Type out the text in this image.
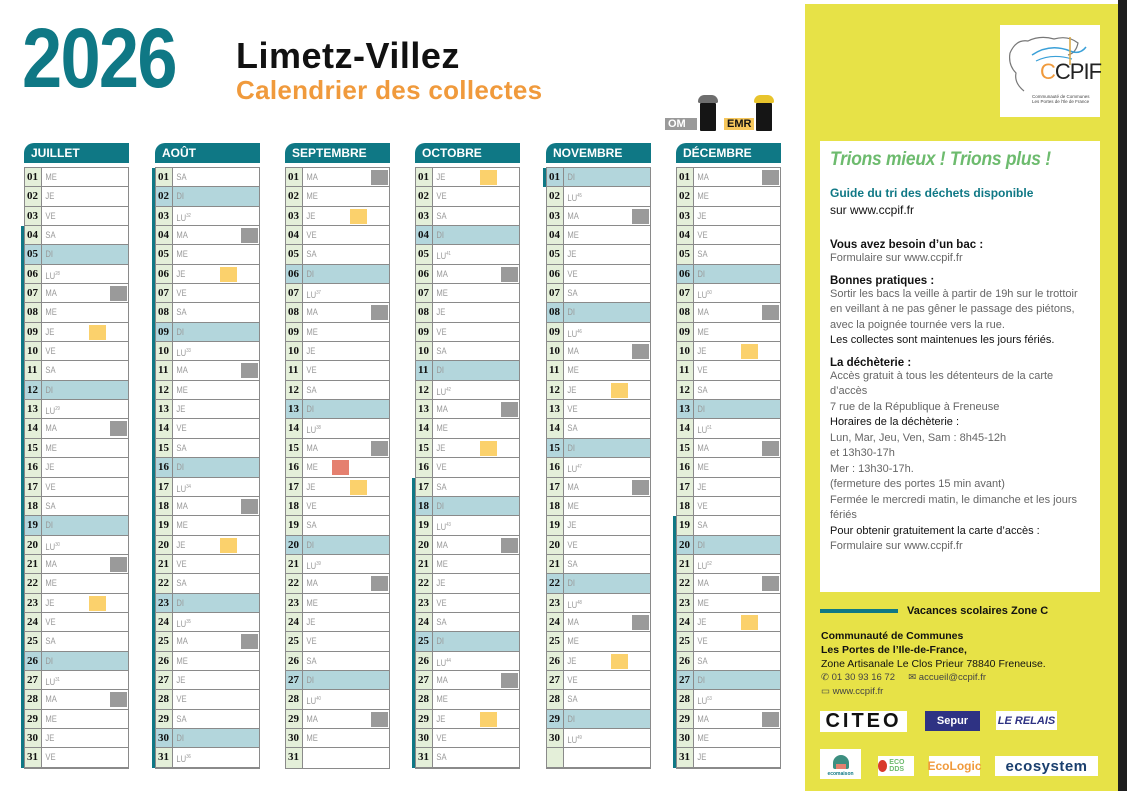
2026 Limetz-Villez
Calendrier des collectes
OM	EMR
JUILLET
01 ME
02 JE
03 VE
04 SA
05 DI
06 LU$^{28}$
07 MA
08 ME
09 JE
10 VE
11 SA
12 DI
13 LU$^{29}$
14 MA
15 ME
16 JE
17 VE
18 SA
19 DI
20 LU$^{30}$
21 MA
22 ME
23 JE
24 VE
25 SA
26 DI
27 LU$^{31}$
28 MA
29 ME
30 JE
31 VE
AOÛT
01 SA
02 DI
03 LU$^{32}$
04 MA
05 ME
06 JE
07 VE
08 SA
09 DI
10 LU$^{33}$
11 MA
12 ME
13 JE
14 VE
15 SA
16 DI
17 LU$^{34}$
18 MA
19 ME
20 JE
21 VE
22 SA
23 DI
24 LU$^{35}$
25 MA
26 ME
27 JE
28 VE
29 SA
30 DI
31 LU$^{36}$
SEPTEMBRE
01 MA
02 ME
03 JE
04 VE
05 SA
06 DI
07 LU$^{37}$
08 MA
09 ME
10 JE
11 VE
12 SA
13 DI
14 LU$^{38}$
15 MA
16 ME
17 JE
18 VE
19 SA
20 DI
21 LU$^{39}$
22 MA
23 ME
24 JE
25 VE
26 SA
27 DI
28 LU$^{40}$
29 MA
30 ME
31
OCTOBRE
01 JE
02 VE
03 SA
04 DI
05 LU$^{41}$
06 MA
07 ME
08 JE
09 VE
10 SA
11 DI
12 LU$^{42}$
13 MA
14 ME
15 JE
16 VE
17 SA
18 DI
19 LU$^{43}$
20 MA
21 ME
22 JE
23 VE
24 SA
25 DI
26 LU$^{44}$
27 MA
28 ME
29 JE
30 VE
31 SA
NOVEMBRE
01 DI
02 LU$^{45}$
03 MA
04 ME
05 JE
06 VE
07 SA
08 DI
09 LU$^{46}$
10 MA
11 ME
12 JE
13 VE
14 SA
15 DI
16 LU$^{47}$
17 MA
18 ME
19 JE
20 VE
21 SA
22 DI
23 LU$^{48}$
24 MA
25 ME
26 JE
27 VE
28 SA
29 DI
30 LU$^{49}$
DÉCEMBRE
01 MA
02 ME
03 JE
04 VE
05 SA
06 DI
07 LU$^{50}$
08 MA
09 ME
10 JE
11 VE
12 SA
13 DI
14 LU$^{51}$
15 MA
16 ME
17 JE
18 VE
19 SA
20 DI
21 LU$^{52}$
22 MA
23 ME
24 JE
25 VE
26 SA
27 DI
28 LU$^{53}$
29 MA
30 ME
31 JE
CCPIF
Communauté de Communes
Les Portes de l'Ile de France
Trions mieux ! Trions plus !
Guide du tri des déchets disponible
sur www.ccpif.fr
Vous avez besoin d’un bac :
Formulaire sur www.ccpif.fr
Bonnes pratiques :
Sortir les bacs la veille à partir de 19h sur le trottoir en veillant à ne pas gêner le passage des piétons, avec la poignée tournée vers la rue.
Les collectes sont maintenues les jours fériés.
La déchèterie :
Accès gratuit à tous les détenteurs de la carte d’accès
7 rue de la République à Freneuse
Horaires de la déchèterie :
Lun, Mar, Jeu, Ven, Sam : 8h45-12h
et 13h30-17h
Mer : 13h30-17h.
(fermeture des portes 15 min avant)
Fermée le mercredi matin, le dimanche et les jours fériés
Pour obtenir gratuitement la carte d’accès :
Formulaire sur www.ccpif.fr
Vacances scolaires Zone C
Communauté de Communes
Les Portes de l’Ile-de-France,
Zone Artisanale Le Clos Prieur 78840 Freneuse.
✆ 01 30 93 16 72 ✉ accueil@ccpif.fr
▭ www.ccpif.fr
CITEO	Sepur	LE RELAIS
ecomaison
ECO DDS	EcoLogic	ecosystem
